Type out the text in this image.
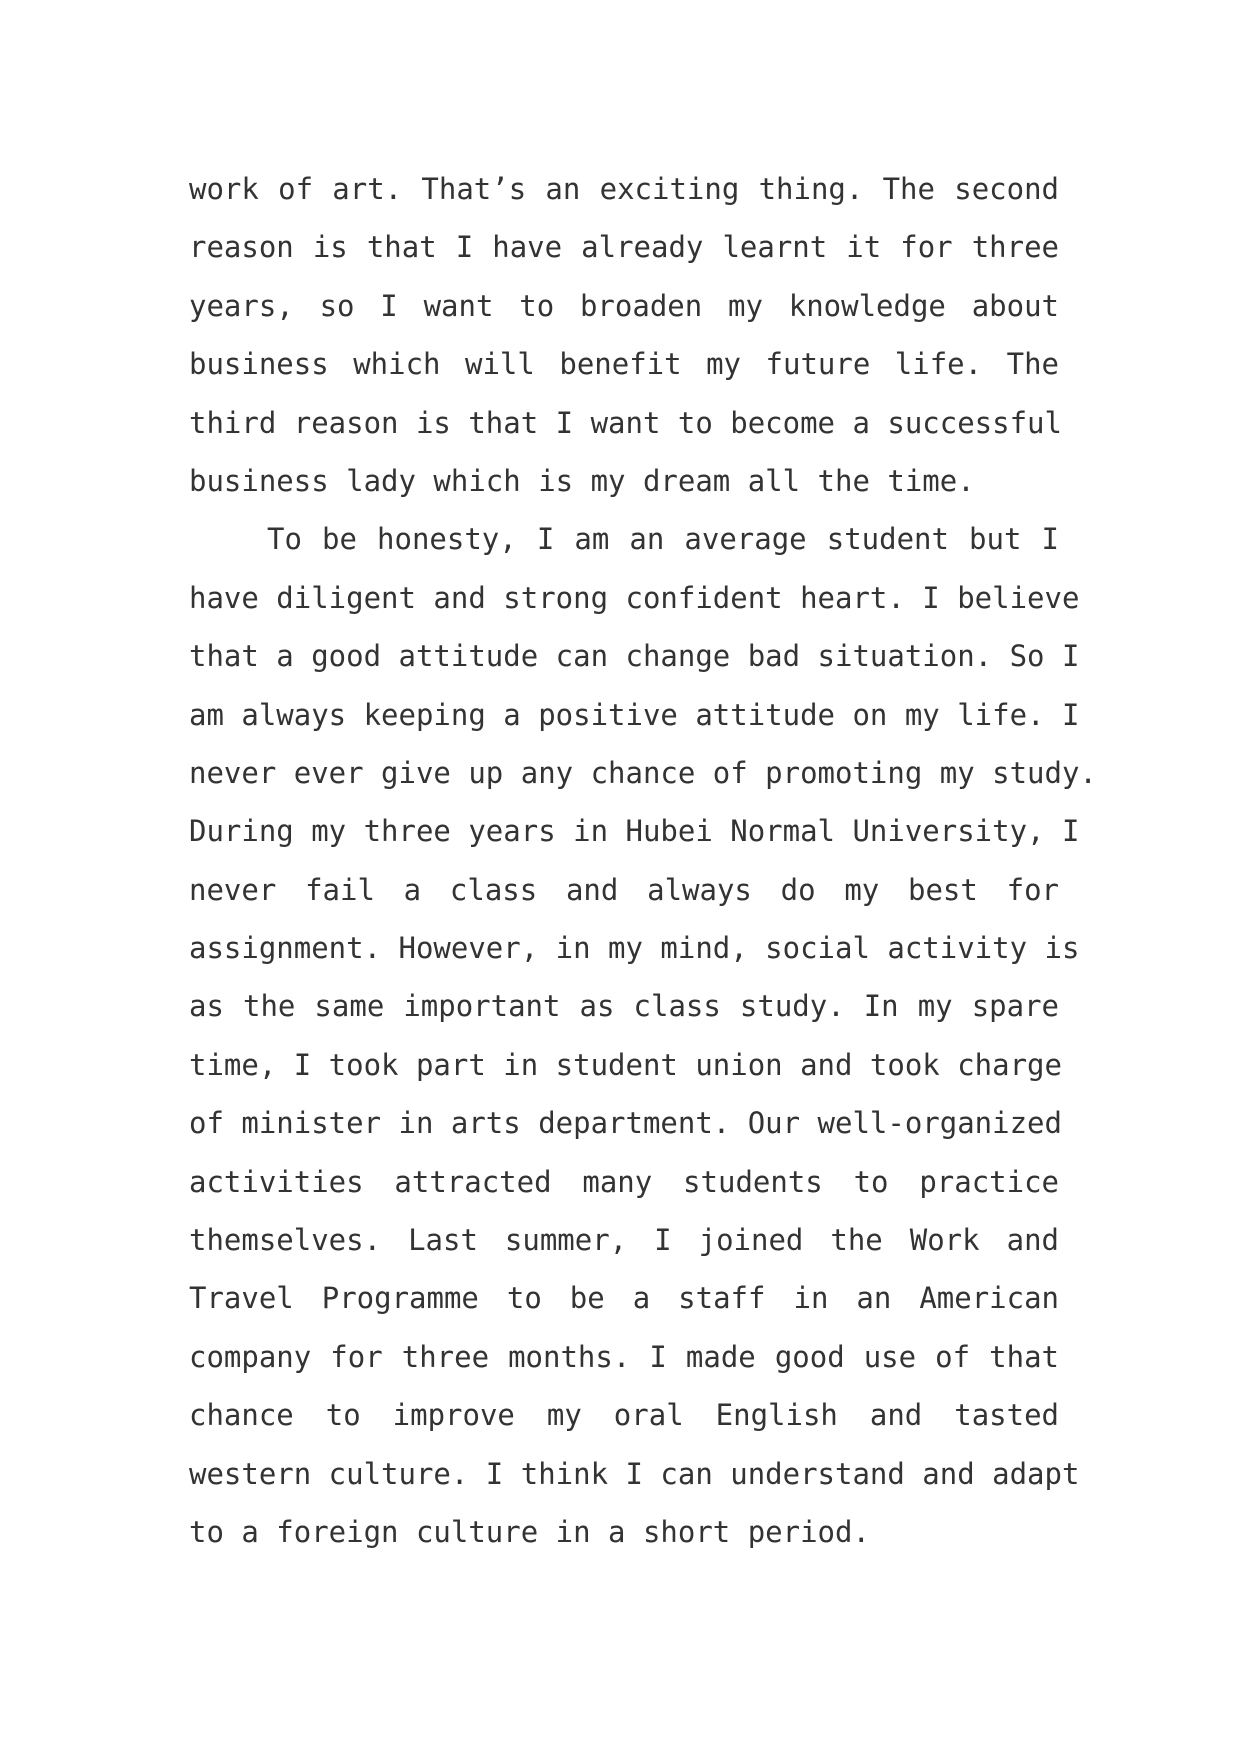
work of art. That’s an exciting thing. The second
reason is that I have already learnt it for three
years, so I want to broaden my knowledge about
business which will benefit my future life. The
third reason is that I want to become a successful
business lady which is my dream all the time.
To be honesty, I am an average student but I
have diligent and strong confident heart. I believe
that a good attitude can change bad situation. So I
am always keeping a positive attitude on my life. I
never ever give up any chance of promoting my study.
During my three years in Hubei Normal University, I
never fail a class and always do my best for
assignment. However, in my mind, social activity is
as the same important as class study. In my spare
time, I took part in student union and took charge
of minister in arts department. Our well-organized
activities attracted many students to practice
themselves. Last summer, I joined the Work and
Travel Programme to be a staff in an American
company for three months. I made good use of that
chance to improve my oral English and tasted
western culture. I think I can understand and adapt
to a foreign culture in a short period.
